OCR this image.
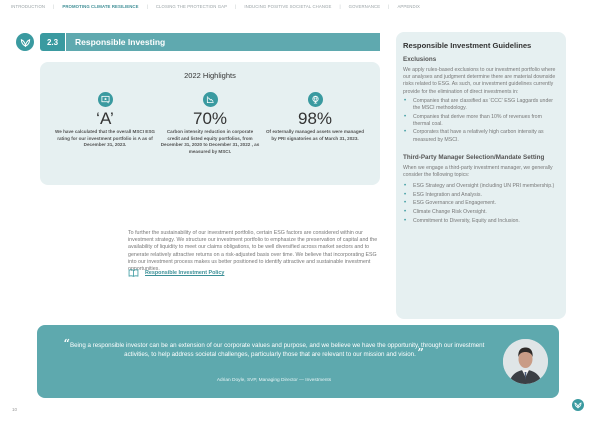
INTRODUCTION | PROMOTING CLIMATE RESILIENCE | CLOSING THE PROTECTION GAP | INDUCING POSITIVE SOCIETAL CHANGE | GOVERNANCE | APPENDIX
2.3	Responsible Investing
2022 Highlights
‘A’
We have calculated that the overall MSCI ESG rating for our investment portfolio is A as of December 31, 2023.
70%
Carbon intensity reduction in corporate credit and listed equity portfolios, from December 31, 2020 to December 31, 2022 , as measured by MSCI.
98%
Of externally managed assets were managed by PRI signatories as of March 31, 2023.
Responsible Investment Guidelines
Exclusions
We apply rules-based exclusions to our investment portfolio where our analyses and judgment determine there are material downside risks related to ESG. As such, our investment guidelines currently provide for the elimination of direct investments in:
• Companies that are classified as ‘CCC’ ESG Laggards under the MSCI methodology.
• Companies that derive more than 10% of revenues from thermal coal.
• Corporates that have a relatively high carbon intensity as measured by MSCI.
Third-Party Manager Selection/Mandate Setting
When we engage a third-party investment manager, we generally consider the following topics:
• ESG Strategy and Oversight (including UN PRI membership.)
• ESG Integration and Analysis.
• ESG Governance and Engagement.
• Climate Change Risk Oversight.
• Commitment to Diversity, Equity and Inclusion.

To further the sustainability of our investment portfolio, certain ESG factors are considered within our investment strategy. We structure our investment portfolio to emphasize the preservation of capital and the availability of liquidity to meet our claims obligations, to be well diversified across market sectors and to generate relatively attractive returns on a risk-adjusted basis over time. We believe that incorporating ESG into our investment process makes us better positioned to identify attractive and sustainable investment opportunities.

Responsible Investment Policy
“Being a responsible investor can be an extension of our corporate values and purpose, and we believe we have the opportunity, through our investment activities, to help address societal challenges, particularly those that are relevant to our mission and vision. ”
Adrian Doyle, SVP, Managing Director — Investments
10
